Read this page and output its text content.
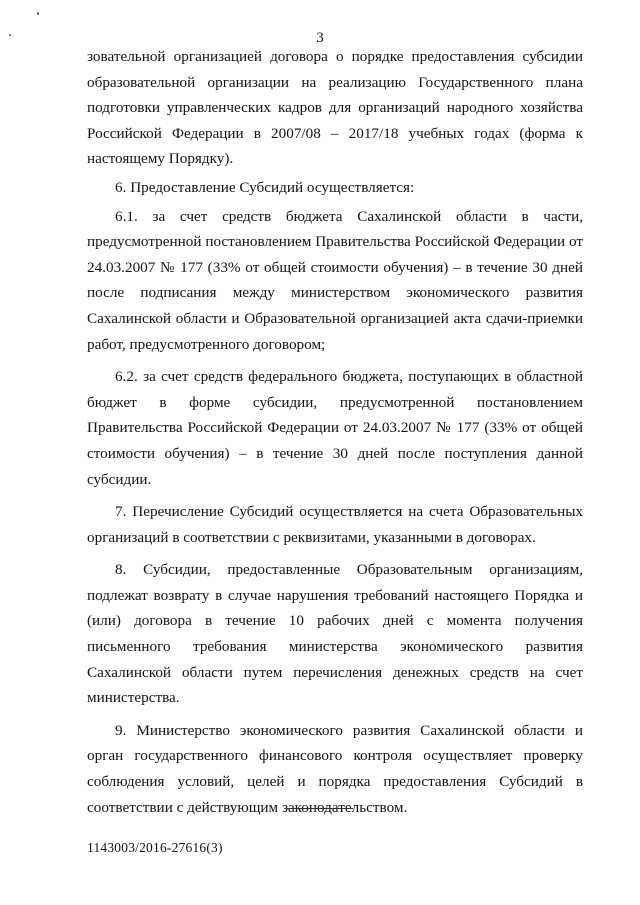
3

зовательной организацией договора о порядке предоставления субсидии образовательной организации на реализацию Государственного плана подготовки управленческих кадров для организаций народного хозяйства Российской Федерации в 2007/08 – 2017/18 учебных годах (форма к настоящему Порядку).

6. Предоставление Субсидий осуществляется:

6.1. за счет средств бюджета Сахалинской области в части, предусмотренной постановлением Правительства Российской Федерации от 24.03.2007 № 177 (33% от общей стоимости обучения) – в течение 30 дней после подписания между министерством экономического развития Сахалинской области и Образовательной организацией акта сдачи-приемки работ, предусмотренного договором;

6.2. за счет средств федерального бюджета, поступающих в областной бюджет в форме субсидии, предусмотренной постановлением Правительства Российской Федерации от 24.03.2007 № 177 (33% от общей стоимости обучения) – в течение 30 дней после поступления данной субсидии.

7. Перечисление Субсидий осуществляется на счета Образовательных организаций в соответствии с реквизитами, указанными в договорах.

8. Субсидии, предоставленные Образовательным организациям, подлежат возврату в случае нарушения требований настоящего Порядка и (или) договора в течение 10 рабочих дней с момента получения письменного требования министерства экономического развития Сахалинской области путем перечисления денежных средств на счет министерства.

9. Министерство экономического развития Сахалинской области и орган государственного финансового контроля осуществляет проверку соблюдения условий, целей и порядка предоставления Субсидий в соответствии с действующим законодательством.

1143003/2016-27616(3)
